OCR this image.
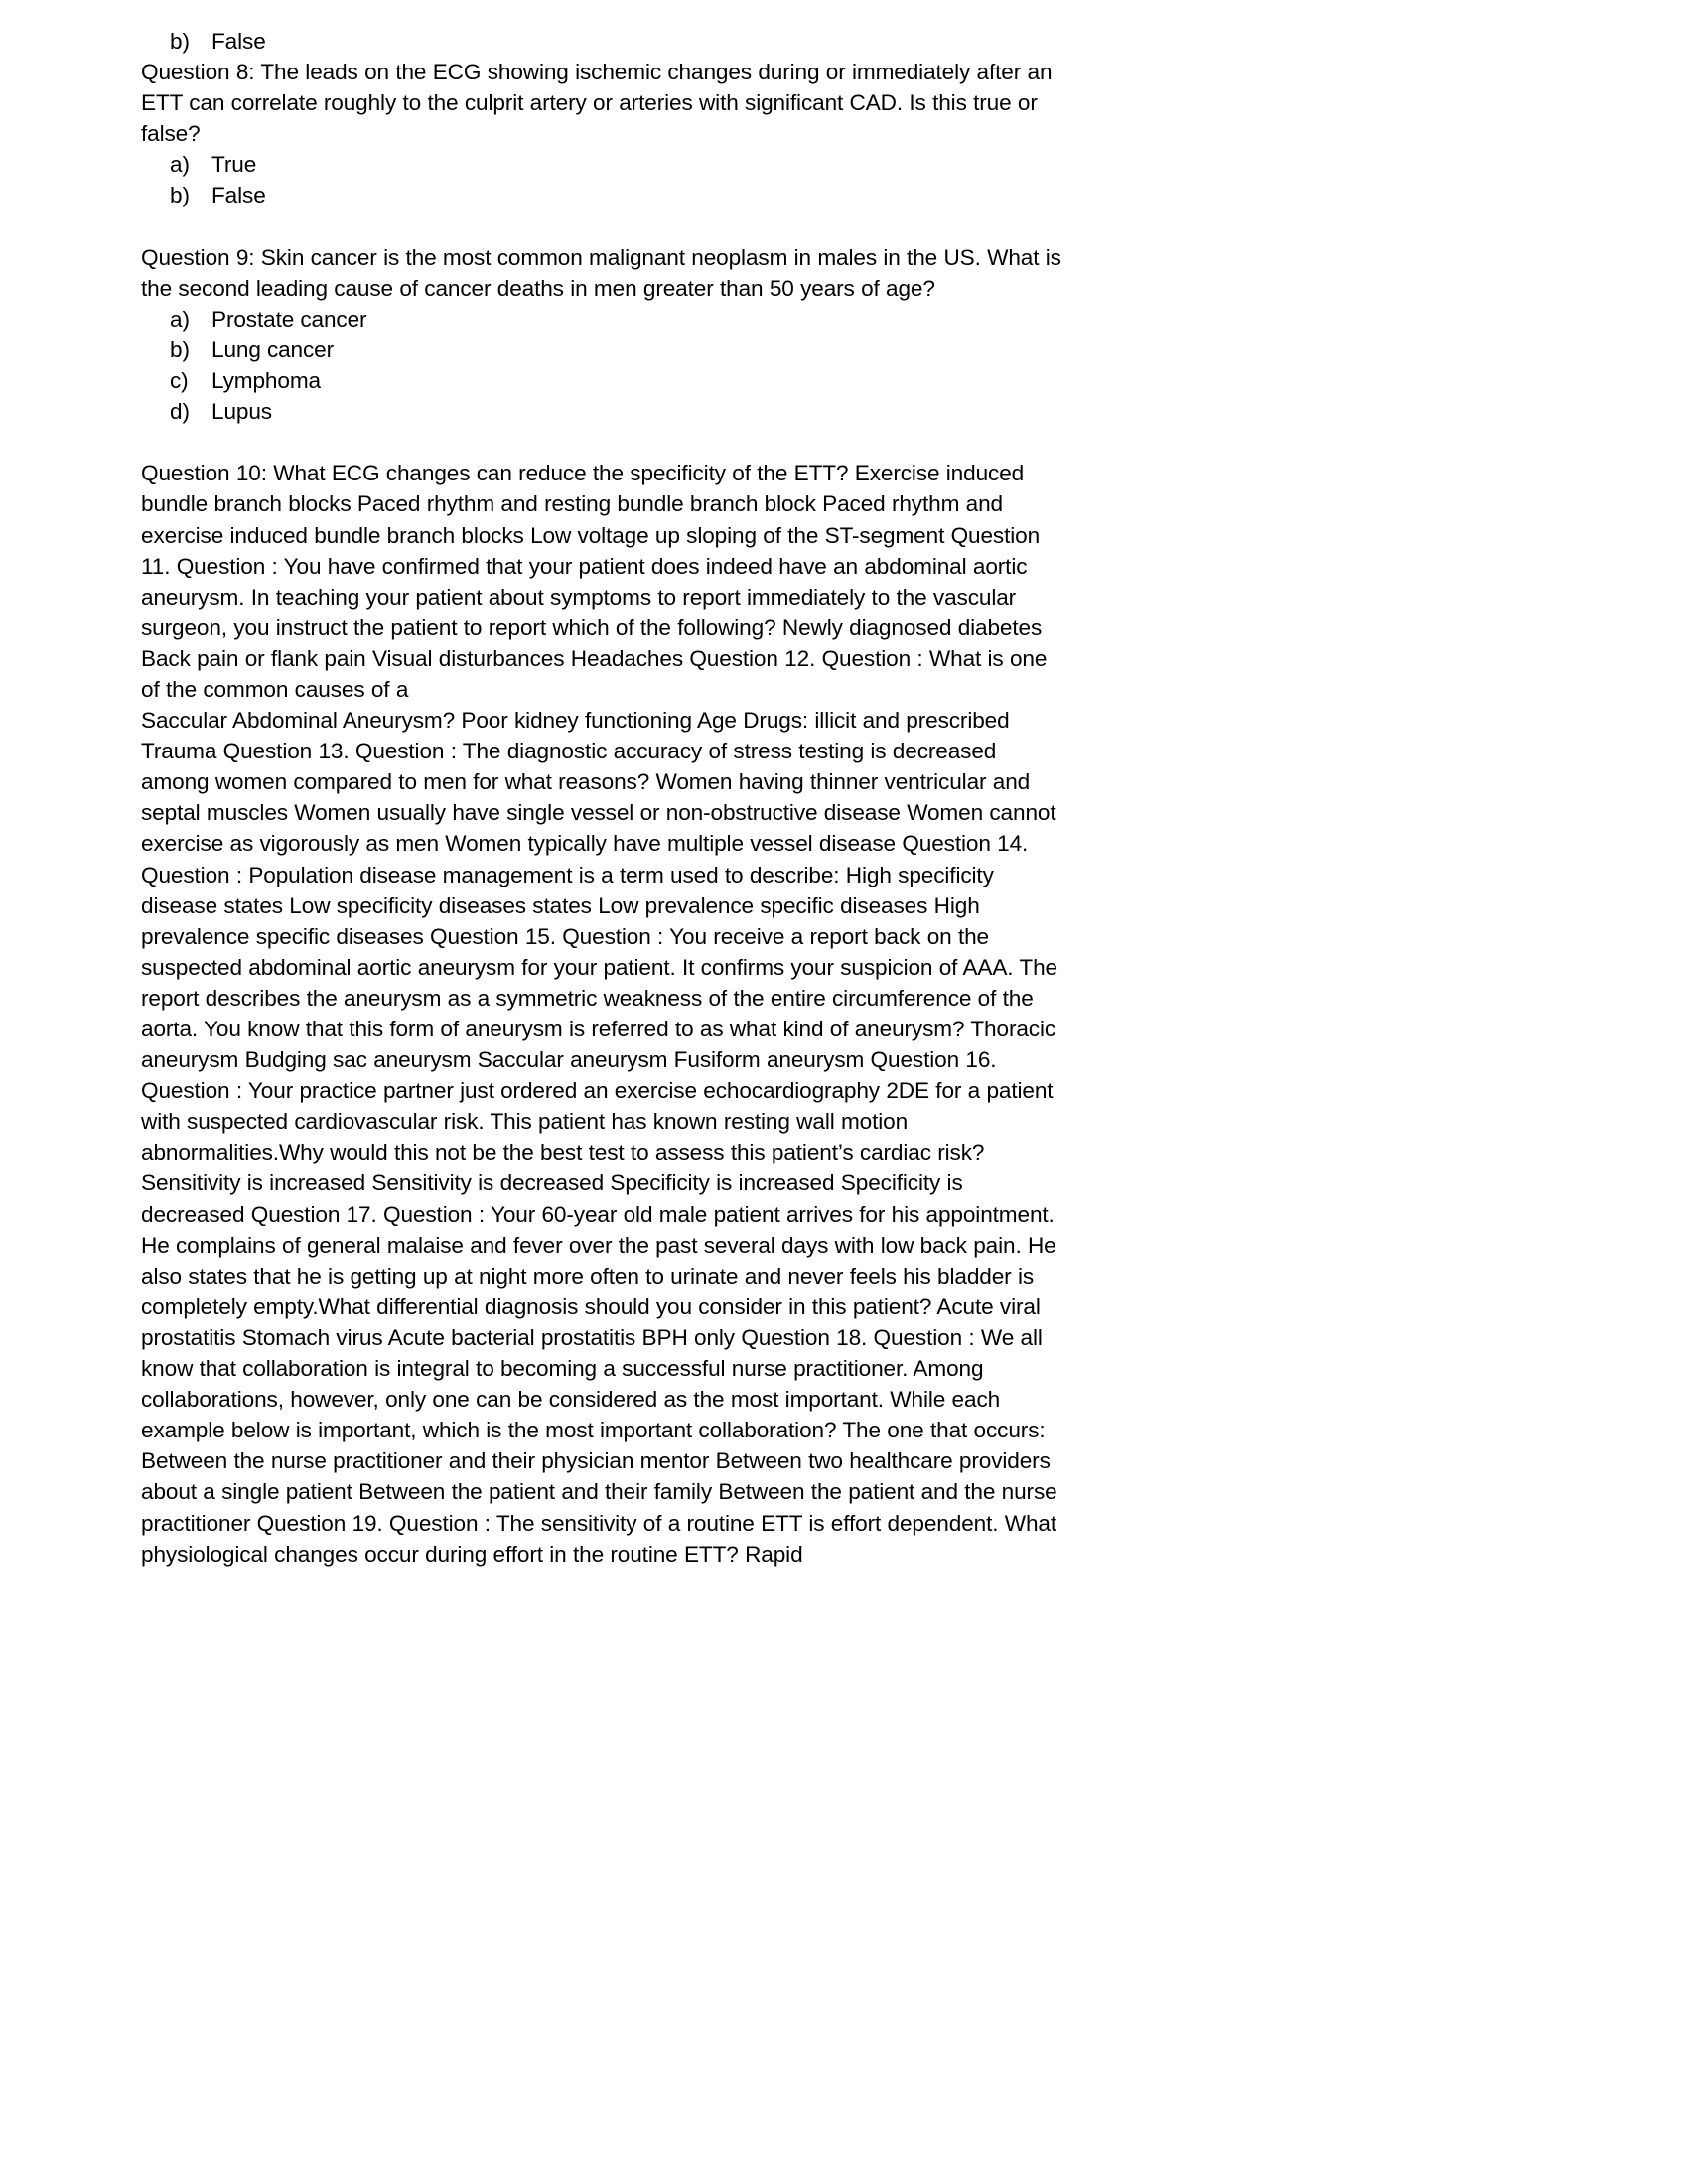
b) False

Question 8: The leads on the ECG showing ischemic changes during or immediately after an ETT can correlate roughly to the culprit artery or arteries with significant CAD. Is this true or false?

a) True
b) False

Question 9: Skin cancer is the most common malignant neoplasm in males in the US. What is the second leading cause of cancer deaths in men greater than 50 years of age?

a) Prostate cancer
b) Lung cancer
c)	Lymphoma
d) Lupus

Question 10: What ECG changes can reduce the specificity of the ETT? Exercise induced bundle branch blocks Paced rhythm and resting bundle branch block Paced rhythm and exercise induced bundle branch blocks Low voltage up sloping of the ST-segment Question 11. Question : You have confirmed that your patient does indeed have an abdominal aortic aneurysm. In teaching your patient about symptoms to report immediately to the vascular surgeon, you instruct the patient to report which of the following? Newly diagnosed diabetes Back pain or flank pain Visual disturbances Headaches Question 12. Question : What is one of the common causes of a

Saccular Abdominal Aneurysm? Poor kidney functioning Age Drugs: illicit and prescribed Trauma Question 13. Question : The diagnostic accuracy of stress testing is decreased among women compared to men for what reasons? Women having thinner ventricular and septal muscles Women usually have single vessel or non-obstructive disease Women cannot exercise as vigorously as men Women typically have multiple vessel disease Question 14. Question : Population disease management is a term used to describe: High specificity disease states Low specificity diseases states Low prevalence specific diseases High prevalence specific diseases Question 15. Question : You receive a report back on the suspected abdominal aortic aneurysm for your patient. It confirms your suspicion of AAA. The report describes the aneurysm as a symmetric weakness of the entire circumference of the aorta. You know that this form of aneurysm is referred to as what kind of aneurysm? Thoracic aneurysm Budging sac aneurysm Saccular aneurysm Fusiform aneurysm Question 16. Question : Your practice partner just ordered an exercise echocardiography 2DE for a patient with suspected cardiovascular risk. This patient has known resting wall motion abnormalities.Why would this not be the best test to assess this patient’s cardiac risk? Sensitivity is increased Sensitivity is decreased Specificity is increased Specificity is decreased Question 17. Question : Your 60-year old male patient arrives for his appointment. He complains of general malaise and fever over the past several days with low back pain. He also states that he is getting up at night more often to urinate and never feels his bladder is completely empty.What differential diagnosis should you consider in this patient? Acute viral prostatitis Stomach virus Acute bacterial prostatitis BPH only Question 18. Question : We all know that collaboration is integral to becoming a successful nurse practitioner. Among collaborations, however, only one can be considered as the most important. While each example below is important, which is the most important collaboration? The one that occurs: Between the nurse practitioner and their physician mentor Between two healthcare providers about a single patient Between the patient and their family Between the patient and the nurse practitioner Question 19. Question : The sensitivity of a routine ETT is effort dependent. What physiological changes occur during effort in the routine ETT? Rapid
